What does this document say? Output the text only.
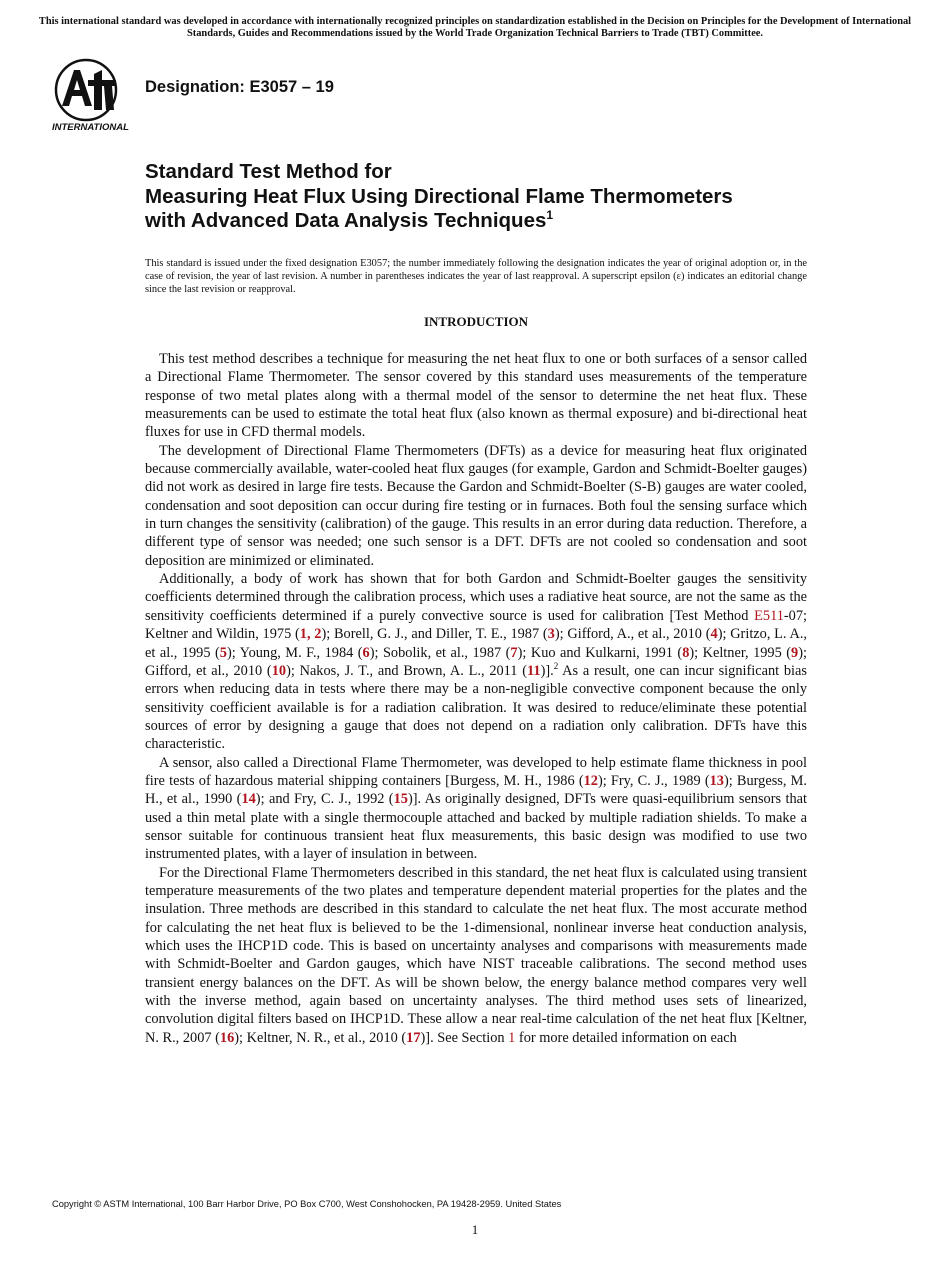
This international standard was developed in accordance with internationally recognized principles on standardization established in the Decision on Principles for the Development of International Standards, Guides and Recommendations issued by the World Trade Organization Technical Barriers to Trade (TBT) Committee.
INTERNATIONAL
Designation: E3057 – 19
Standard Test Method for
Measuring Heat Flux Using Directional Flame Thermometers
with Advanced Data Analysis Techniques$^1$
This standard is issued under the fixed designation E3057; the number immediately following the designation indicates the year of original adoption or, in the case of revision, the year of last revision. A number in parentheses indicates the year of last reapproval. A superscript epsilon (ε) indicates an editorial change since the last revision or reapproval.
INTRODUCTION

This test method describes a technique for measuring the net heat flux to one or both surfaces of a sensor called a Directional Flame Thermometer. The sensor covered by this standard uses measurements of the temperature response of two metal plates along with a thermal model of the sensor to determine the net heat flux. These measurements can be used to estimate the total heat flux (also known as thermal exposure) and bi-directional heat fluxes for use in CFD thermal models.

The development of Directional Flame Thermometers (DFTs) as a device for measuring heat flux originated because commercially available, water-cooled heat flux gauges (for example, Gardon and Schmidt-Boelter gauges) did not work as desired in large fire tests. Because the Gardon and Schmidt-Boelter (S-B) gauges are water cooled, condensation and soot deposition can occur during fire testing or in furnaces. Both foul the sensing surface which in turn changes the sensitivity (calibration) of the gauge. This results in an error during data reduction. Therefore, a different type of sensor was needed; one such sensor is a DFT. DFTs are not cooled so condensation and soot deposition are minimized or eliminated.

Additionally, a body of work has shown that for both Gardon and Schmidt-Boelter gauges the sensitivity coefficients determined through the calibration process, which uses a radiative heat source, are not the same as the sensitivity coefficients determined if a purely convective source is used for calibration [Test Method E511-07; Keltner and Wildin, 1975 (1, 2); Borell, G. J., and Diller, T. E., 1987 (3); Gifford, A., et al., 2010 (4); Gritzo, L. A., et al., 1995 (5); Young, M. F., 1984 (6); Sobolik, et al., 1987 (7); Kuo and Kulkarni, 1991 (8); Keltner, 1995 (9); Gifford, et al., 2010 (10); Nakos, J. T., and Brown, A. L., 2011 (11)].$^2$ As a result, one can incur significant bias errors when reducing data in tests where there may be a non-negligible convective component because the only sensitivity coefficient available is for a radiation calibration. It was desired to reduce/eliminate these potential sources of error by designing a gauge that does not depend on a radiation only calibration. DFTs have this characteristic.

A sensor, also called a Directional Flame Thermometer, was developed to help estimate flame thickness in pool fire tests of hazardous material shipping containers [Burgess, M. H., 1986 (12); Fry, C. J., 1989 (13); Burgess, M. H., et al., 1990 (14); and Fry, C. J., 1992 (15)]. As originally designed, DFTs were quasi-equilibrium sensors that used a thin metal plate with a single thermocouple attached and backed by multiple radiation shields. To make a sensor suitable for continuous transient heat flux measurements, this basic design was modified to use two instrumented plates, with a layer of insulation in between.

For the Directional Flame Thermometers described in this standard, the net heat flux is calculated using transient temperature measurements of the two plates and temperature dependent material properties for the plates and the insulation. Three methods are described in this standard to calculate the net heat flux. The most accurate method for calculating the net heat flux is believed to be the 1-dimensional, nonlinear inverse heat conduction analysis, which uses the IHCP1D code. This is based on uncertainty analyses and comparisons with measurements made with Schmidt-Boelter and Gardon gauges, which have NIST traceable calibrations. The second method uses transient energy balances on the DFT. As will be shown below, the energy balance method compares very well with the inverse method, again based on uncertainty analyses. The third method uses sets of linearized, convolution digital filters based on IHCP1D. These allow a near real-time calculation of the net heat flux [Keltner, N. R., 2007 (16); Keltner, N. R., et al., 2010 (17)]. See Section 1 for more detailed information on each

Copyright © ASTM International, 100 Barr Harbor Drive, PO Box C700, West Conshohocken, PA 19428-2959. United States
1
